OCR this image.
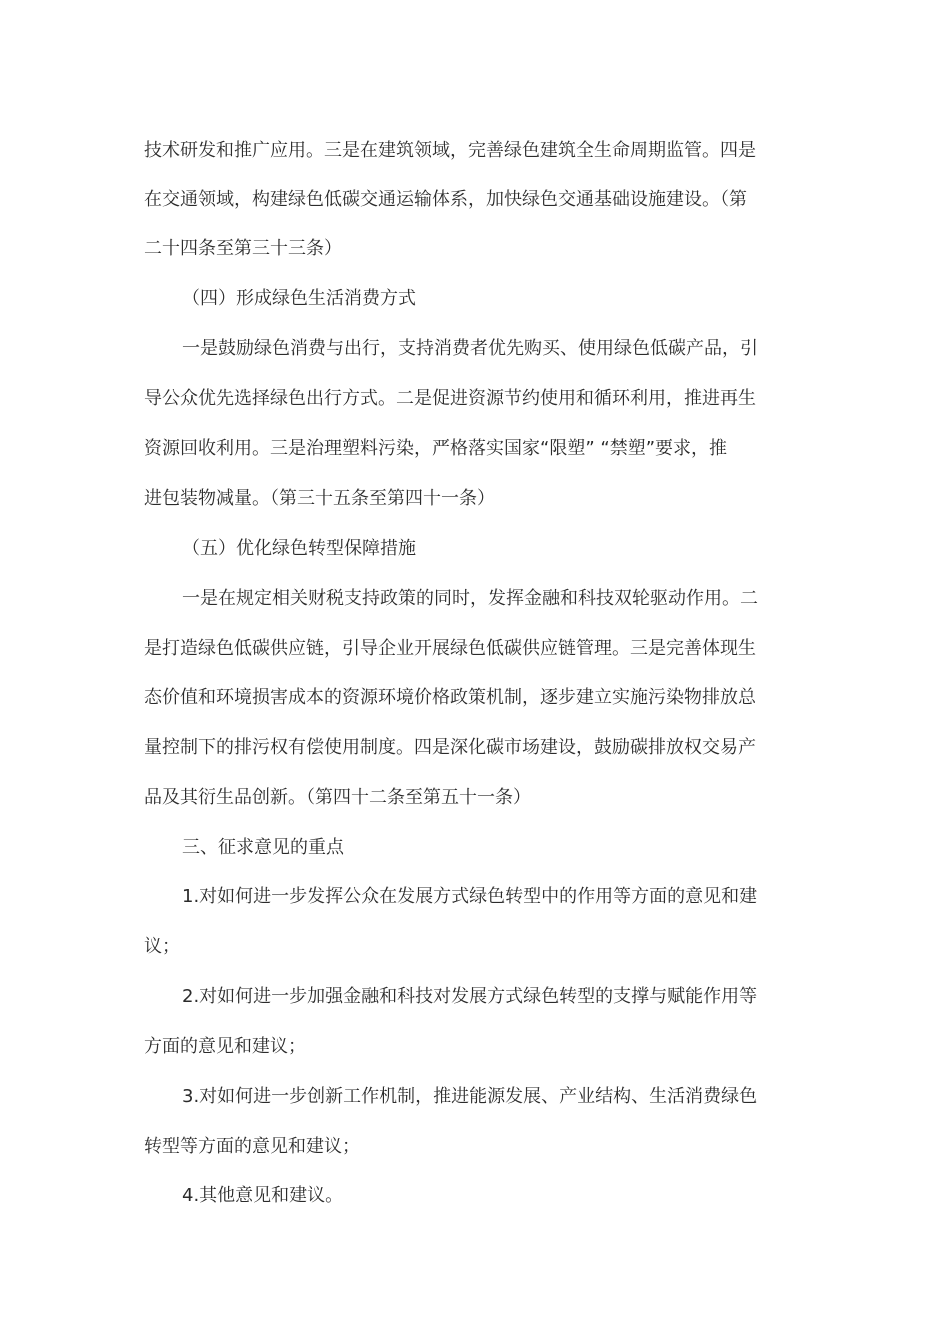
技术研发和推广应用。三是在建筑领域，完善绿色建筑全生命周期监管。四是
在交通领域，构建绿色低碳交通运输体系，加快绿色交通基础设施建设。（第
二十四条至第三十三条）
（四）形成绿色生活消费方式
一是鼓励绿色消费与出行，支持消费者优先购买、使用绿色低碳产品，引
导公众优先选择绿色出行方式。二是促进资源节约使用和循环利用，推进再生
资源回收利用。三是治理塑料污染，严格落实国家“限塑” “禁塑”要求，推
进包装物减量。（第三十五条至第四十一条）
（五）优化绿色转型保障措施
一是在规定相关财税支持政策的同时，发挥金融和科技双轮驱动作用。二
是打造绿色低碳供应链，引导企业开展绿色低碳供应链管理。三是完善体现生
态价值和环境损害成本的资源环境价格政策机制，逐步建立实施污染物排放总
量控制下的排污权有偿使用制度。四是深化碳市场建设，鼓励碳排放权交易产
品及其衍生品创新。（第四十二条至第五十一条）
三、征求意见的重点
1.对如何进一步发挥公众在发展方式绿色转型中的作用等方面的意见和建
议；
2.对如何进一步加强金融和科技对发展方式绿色转型的支撑与赋能作用等
方面的意见和建议；
3.对如何进一步创新工作机制，推进能源发展、产业结构、生活消费绿色
转型等方面的意见和建议；
4.其他意见和建议。
